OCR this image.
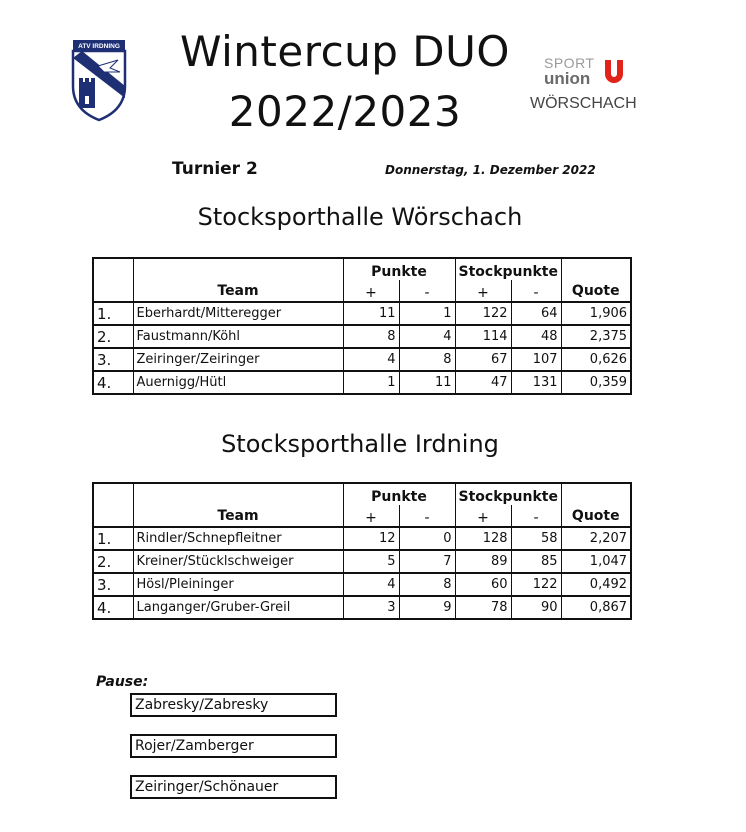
ATV IRDNING	Wintercup DUO
2022/2023
SPORT
union
WÖRSCHACH
Turnier 2	Donnerstag, 1. Dezember 2022
Stocksporthalle Wörschach
	Team	Punkte		Stockpunkte		Quote
		+	-	+	-	
1.	Eberhardt/Mitteregger	11	1	122	64	1,906
2.	Faustmann/Köhl	8	4	114	48	2,375
3.	Zeiringer/Zeiringer	4	8	67	107	0,626
4.	Auernigg/Hütl	1	11	47	131	0,359
Stocksporthalle Irdning
	Team	Punkte		Stockpunkte		Quote
		+	-	+	-	
1.	Rindler/Schnepfleitner	12	0	128	58	2,207
2.	Kreiner/Stücklschweiger	5	7	89	85	1,047
3.	Hösl/Pleininger	4	8	60	122	0,492
4.	Langanger/Gruber-Greil	3	9	78	90	0,867
Pause:
Zabresky/Zabresky
Rojer/Zamberger
Zeiringer/Schönauer
